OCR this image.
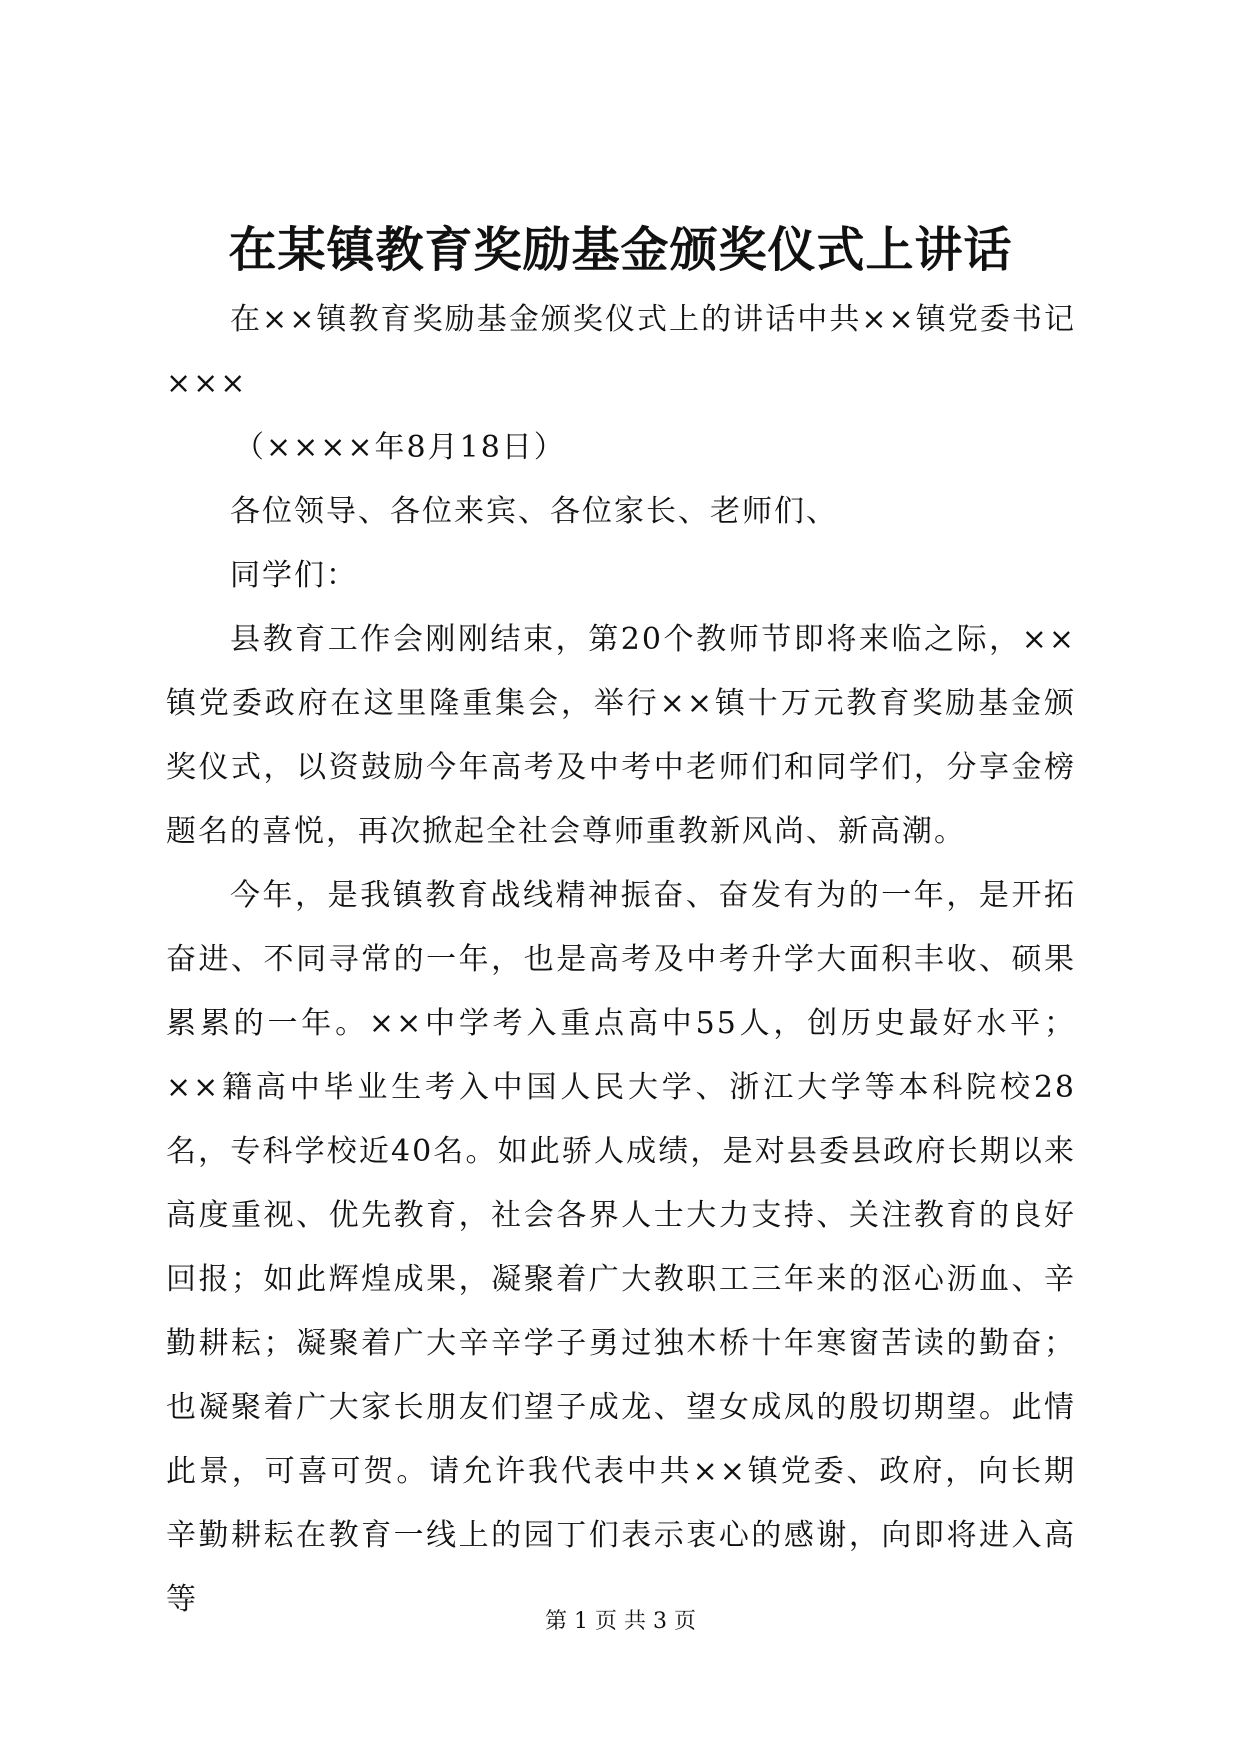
在某镇教育奖励基金颁奖仪式上讲话

在××镇教育奖励基金颁奖仪式上的讲话中共××镇党委书记×××

（××××年8月18日）

各位领导、各位来宾、各位家长、老师们、

同学们：

县教育工作会刚刚结束，第20个教师节即将来临之际，××镇党委政府在这里隆重集会，举行××镇十万元教育奖励基金颁奖仪式，以资鼓励今年高考及中考中老师们和同学们，分享金榜题名的喜悦，再次掀起全社会尊师重教新风尚、新高潮。

今年，是我镇教育战线精神振奋、奋发有为的一年，是开拓奋进、不同寻常的一年，也是高考及中考升学大面积丰收、硕果累累的一年。××中学考入重点高中55人，创历史最好水平；××籍高中毕业生考入中国人民大学、浙江大学等本科院校28名，专科学校近40名。如此骄人成绩，是对县委县政府长期以来高度重视、优先教育，社会各界人士大力支持、关注教育的良好回报；如此辉煌成果，凝聚着广大教职工三年来的沤心沥血、辛勤耕耘；凝聚着广大辛辛学子勇过独木桥十年寒窗苦读的勤奋；也凝聚着广大家长朋友们望子成龙、望女成凤的殷切期望。此情此景，可喜可贺。请允许我代表中共××镇党委、政府，向长期辛勤耕耘在教育一线上的园丁们表示衷心的感谢，向即将进入高等

第 1 页 共 3 页
